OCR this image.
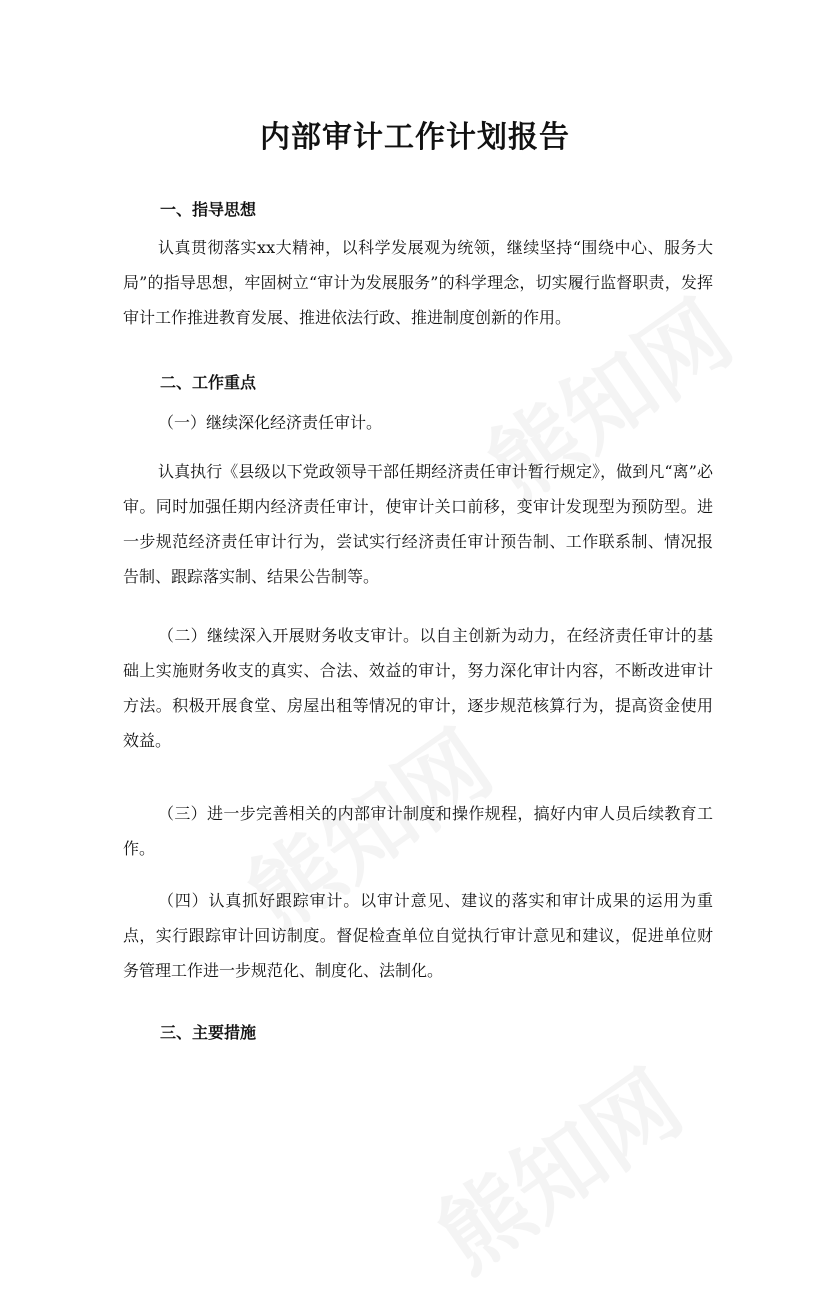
内部审计工作计划报告
一、指导思想

认真贯彻落实xx大精神，以科学发展观为统领，继续坚持“围绕中心、服务大局”的指导思想，牢固树立“审计为发展服务”的科学理念，切实履行监督职责，发挥审计工作推进教育发展、推进依法行政、推进制度创新的作用。

二、工作重点

（一）继续深化经济责任审计。

认真执行《县级以下党政领导干部任期经济责任审计暂行规定》，做到凡“离”必审。同时加强任期内经济责任审计，使审计关口前移，变审计发现型为预防型。进一步规范经济责任审计行为，尝试实行经济责任审计预告制、工作联系制、情况报告制、跟踪落实制、结果公告制等。

（二）继续深入开展财务收支审计。以自主创新为动力，在经济责任审计的基础上实施财务收支的真实、合法、效益的审计，努力深化审计内容，不断改进审计方法。积极开展食堂、房屋出租等情况的审计，逐步规范核算行为，提高资金使用效益。

（三）进一步完善相关的内部审计制度和操作规程，搞好内审人员后续教育工作。

（四）认真抓好跟踪审计。以审计意见、建议的落实和审计成果的运用为重点，实行跟踪审计回访制度。督促检查单位自觉执行审计意见和建议，促进单位财务管理工作进一步规范化、制度化、法制化。

三、主要措施
